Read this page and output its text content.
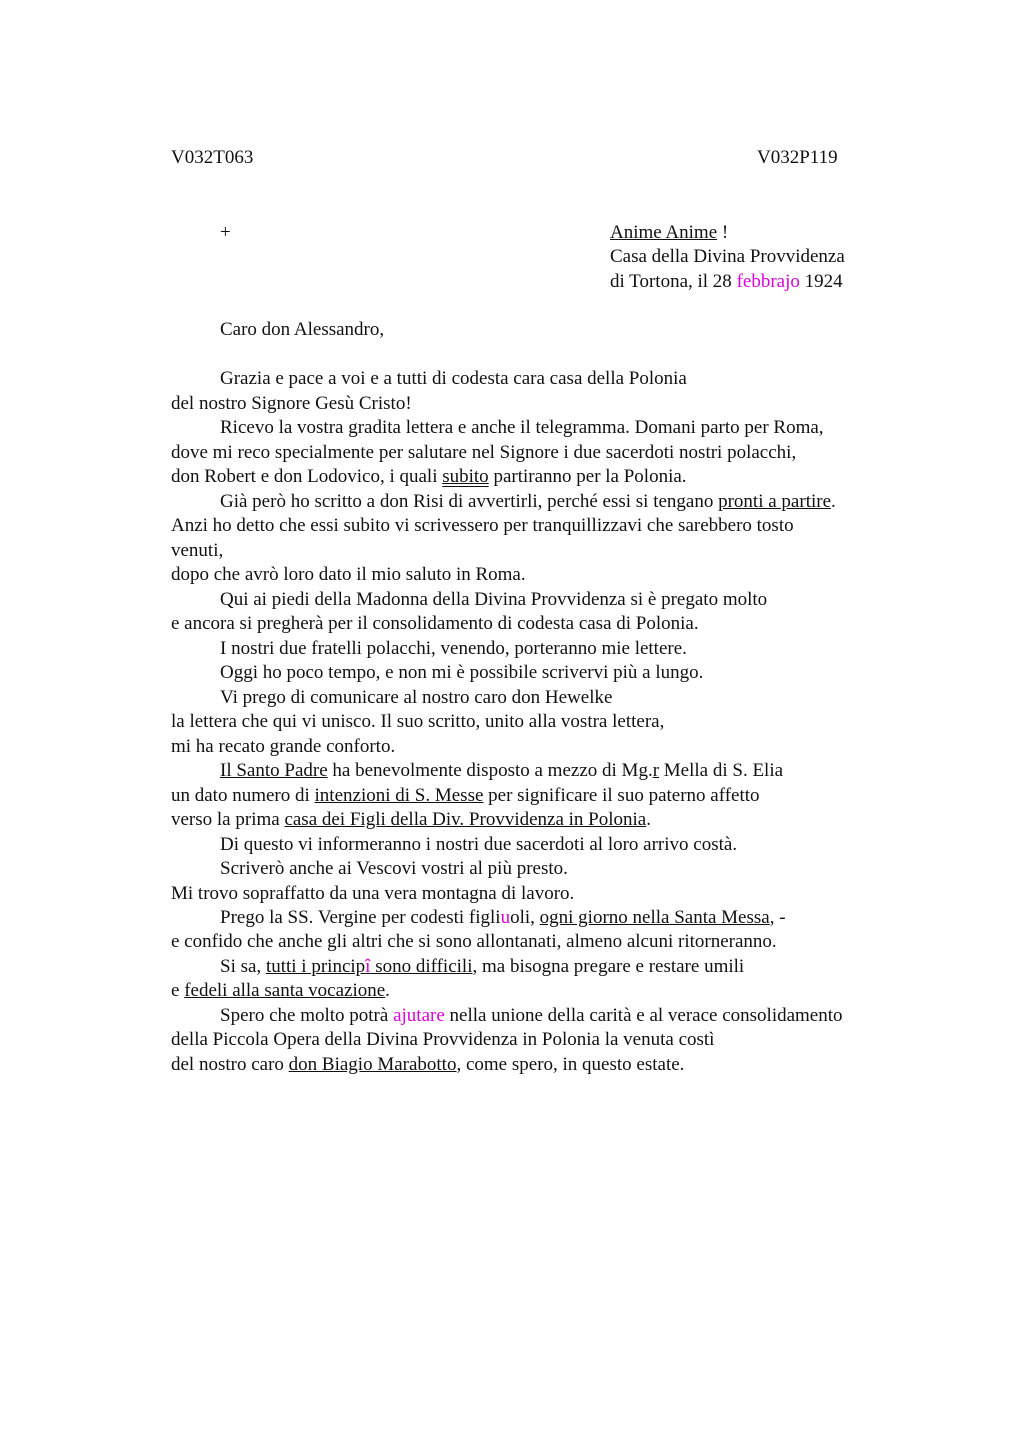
V032T063	V032P119
+	Anime Anime !
Casa della Divina Provvidenza
di Tortona, il 28 febbrajo 1924
Caro don Alessandro,
Grazia e pace a voi e a tutti di codesta cara casa della Polonia
del nostro Signore Gesù Cristo!
Ricevo la vostra gradita lettera e anche il telegramma. Domani parto per Roma,
dove mi reco specialmente per salutare nel Signore i due sacerdoti nostri polacchi,
don Robert e don Lodovico, i quali subito partiranno per la Polonia.
Già però ho scritto a don Risi di avvertirli, perché essi si tengano pronti a partire.
Anzi ho detto che essi subito vi scrivessero per tranquillizzavi che sarebbero tosto
venuti,
dopo che avrò loro dato il mio saluto in Roma.
Qui ai piedi della Madonna della Divina Provvidenza si è pregato molto
e ancora si pregherà per il consolidamento di codesta casa di Polonia.
I nostri due fratelli polacchi, venendo, porteranno mie lettere.
Oggi ho poco tempo, e non mi è possibile scrivervi più a lungo.
Vi prego di comunicare al nostro caro don Hewelke
la lettera che qui vi unisco. Il suo scritto, unito alla vostra lettera,
mi ha recato grande conforto.
Il Santo Padre ha benevolmente disposto a mezzo di Mg.r Mella di S. Elia
un dato numero di intenzioni di S. Messe per significare il suo paterno affetto
verso la prima casa dei Figli della Div. Provvidenza in Polonia.
Di questo vi informeranno i nostri due sacerdoti al loro arrivo costà.
Scriverò anche ai Vescovi vostri al più presto.
Mi trovo sopraffatto da una vera montagna di lavoro.
Prego la SS. Vergine per codesti figliuoli, ogni giorno nella Santa Messa, -
e confido che anche gli altri che si sono allontanati, almeno alcuni ritorneranno.
Si sa, tutti i principî sono difficili, ma bisogna pregare e restare umili
e fedeli alla santa vocazione.
Spero che molto potrà ajutare nella unione della carità e al verace consolidamento
della Piccola Opera della Divina Provvidenza in Polonia la venuta costì
del nostro caro don Biagio Marabotto, come spero, in questo estate.
